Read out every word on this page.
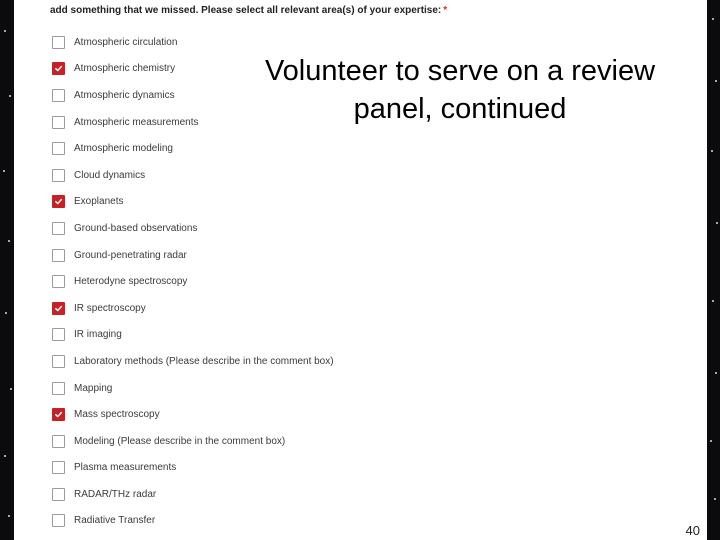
add something that we missed. Please select all relevant area(s) of your expertise: *
Atmospheric circulation
Atmospheric chemistry
Atmospheric dynamics
Atmospheric measurements
Atmospheric modeling
Cloud dynamics
Exoplanets
Ground-based observations
Ground-penetrating radar
Heterodyne spectroscopy
IR spectroscopy
IR imaging
Laboratory methods (Please describe in the comment box)
Mapping
Mass spectroscopy
Modeling (Please describe in the comment box)
Plasma measurements
RADAR/THz radar
Radiative Transfer
Volunteer to serve on a review panel, continued
40
